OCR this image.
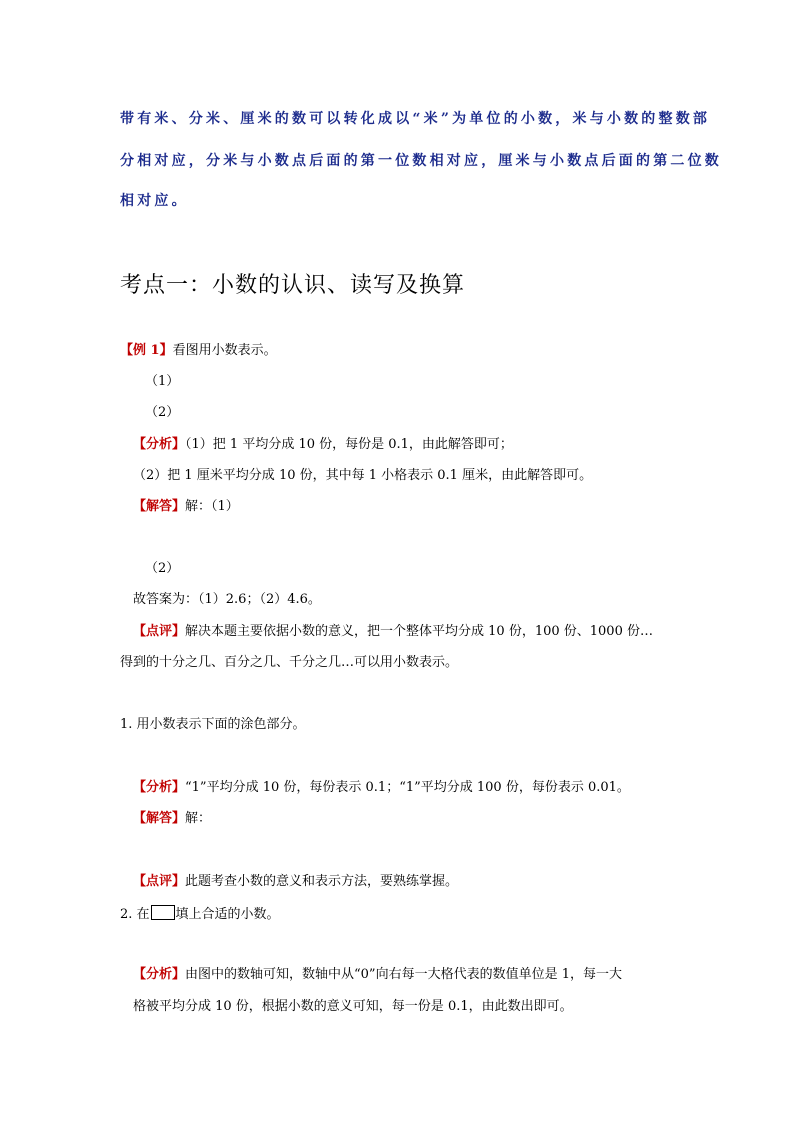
带有米、分米、厘米的数可以转化成以“米”为单位的小数，米与小数的整数部
分相对应，分米与小数点后面的第一位数相对应，厘米与小数点后面的第二位数
相对应。
考点一：小数的认识、读写及换算
【例 1】看图用小数表示。
（1）
（2）
【分析】（1）把 1 平均分成 10 份，每份是 0.1，由此解答即可；
（2）把 1 厘米平均分成 10 份，其中每 1 小格表示 0.1 厘米，由此解答即可。
【解答】解：（1）
（2）
故答案为：（1）2.6；（2）4.6。
【点评】解决本题主要依据小数的意义，把一个整体平均分成 10 份，100 份、1000 份…
得到的十分之几、百分之几、千分之几…可以用小数表示。
1. 用小数表示下面的涂色部分。
【分析】“1”平均分成 10 份，每份表示 0.1；“1”平均分成 100 份，每份表示 0.01。
【解答】解：
【点评】此题考查小数的意义和表示方法，要熟练掌握。
2. 在 填上合适的小数。
【分析】由图中的数轴可知，数轴中从“0”向右每一大格代表的数值单位是 1，每一大
格被平均分成 10 份，根据小数的意义可知，每一份是 0.1，由此数出即可。
